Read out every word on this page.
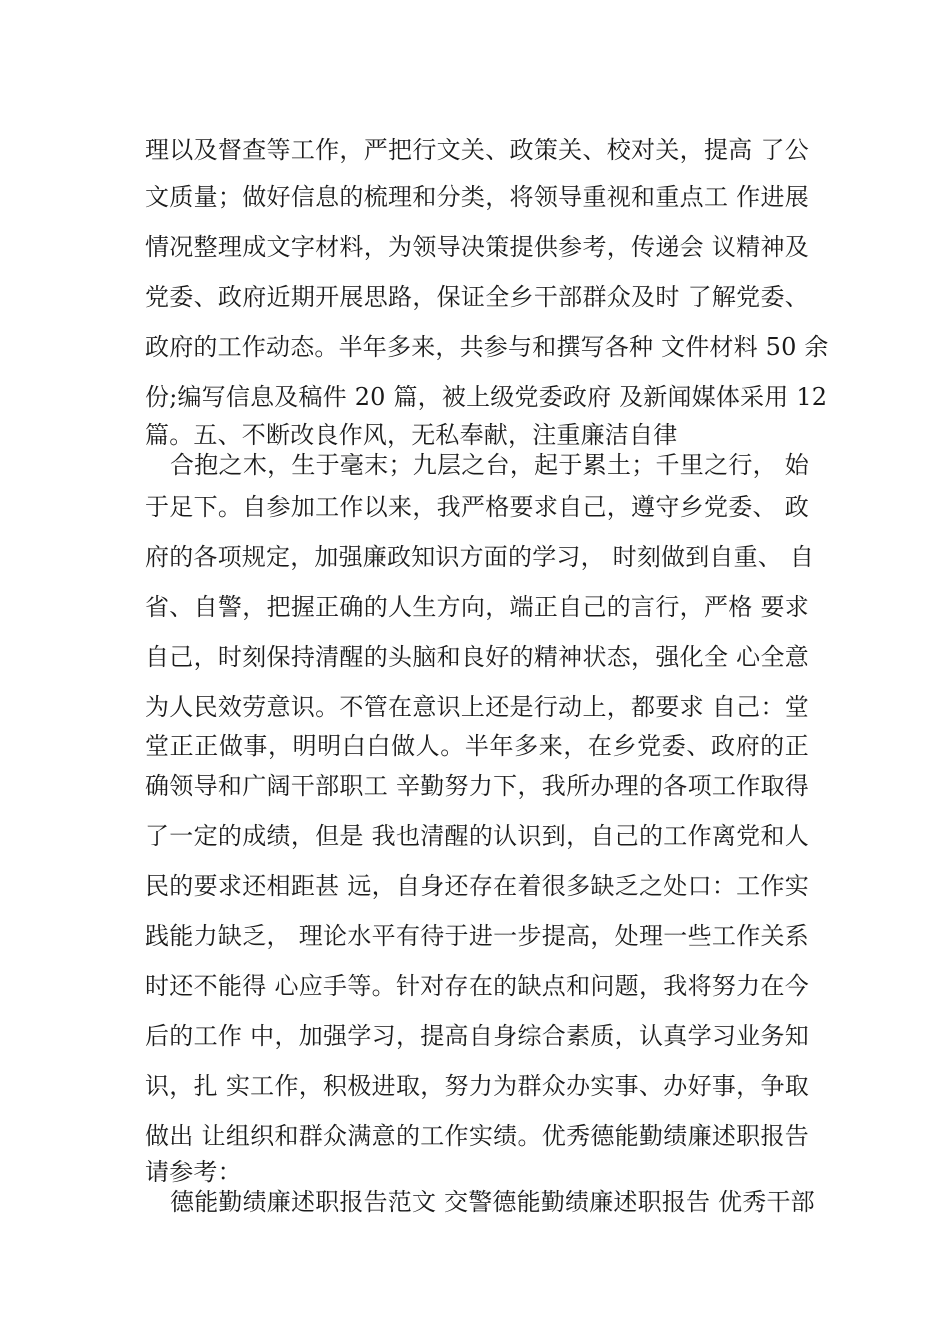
理以及督查等工作，严把行文关、政策关、校对关，提高 了公
文质量；做好信息的梳理和分类，将领导重视和重点工 作进展
情况整理成文字材料，为领导决策提供参考，传递会 议精神及
党委、政府近期开展思路，保证全乡干部群众及时 了解党委、
政府的工作动态。半年多来，共参与和撰写各种 文件材料 50 余
份;编写信息及稿件 20 篇，被上级党委政府 及新闻媒体采用 12
篇。五、不断改良作风，无私奉献，注重廉洁自律
合抱之木，生于毫末；九层之台，起于累土；千里之行， 始
于足下。自参加工作以来，我严格要求自己，遵守乡党委、 政
府的各项规定，加强廉政知识方面的学习， 时刻做到自重、 自
省、自警，把握正确的人生方向，端正自己的言行，严格 要求
自己，时刻保持清醒的头脑和良好的精神状态，强化全 心全意
为人民效劳意识。不管在意识上还是行动上，都要求 自己：堂
堂正正做事，明明白白做人。半年多来，在乡党委、政府的正
确领导和广阔干部职工 辛勤努力下，我所办理的各项工作取得
了一定的成绩，但是 我也清醒的认识到，自己的工作离党和人
民的要求还相距甚 远，自身还存在着很多缺乏之处口：工作实
践能力缺乏， 理论水平有待于进一步提高，处理一些工作关系
时还不能得 心应手等。针对存在的缺点和问题，我将努力在今
后的工作 中，加强学习，提高自身综合素质，认真学习业务知
识，扎 实工作，积极进取，努力为群众办实事、办好事，争取
做出 让组织和群众满意的工作实绩。优秀德能勤绩廉述职报告
请参考：
德能勤绩廉述职报告范文 交警德能勤绩廉述职报告 优秀干部
